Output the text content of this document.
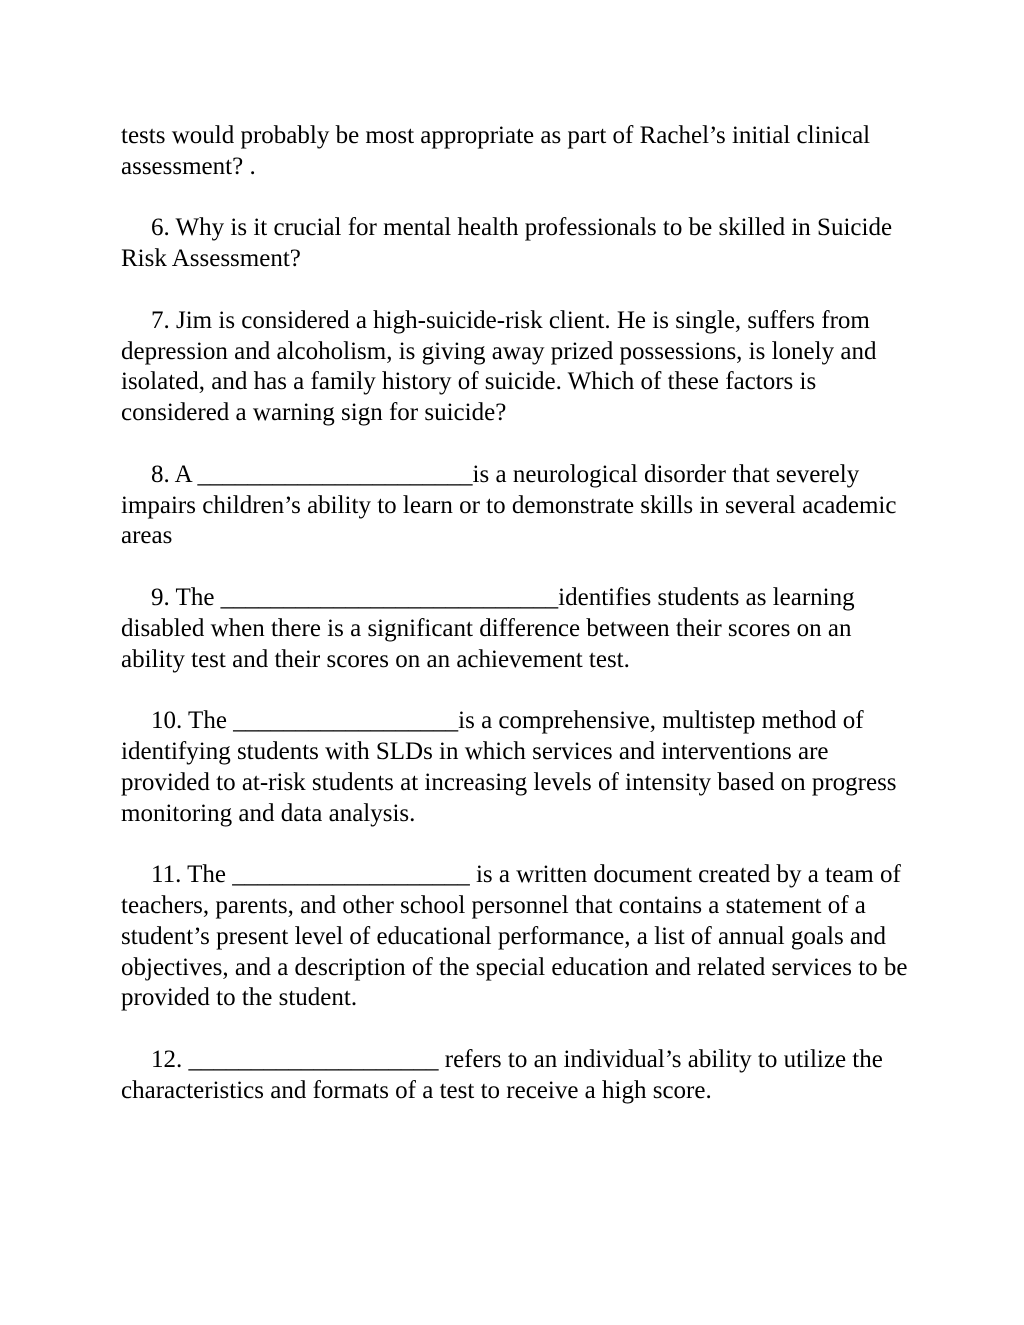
tests would probably be most appropriate as part of Rachel’s initial clinical assessment? .

6. Why is it crucial for mental health professionals to be skilled in Suicide Risk Assessment?

7. Jim is considered a high-suicide-risk client. He is single, suffers from depression and alcoholism, is giving away prized possessions, is lonely and isolated, and has a family history of suicide. Which of these factors is considered a warning sign for suicide?

8. A ______________________is a neurological disorder that severely impairs children’s ability to learn or to demonstrate skills in several academic areas

9. The ___________________________identifies students as learning disabled when there is a significant difference between their scores on an ability test and their scores on an achievement test.

10. The __________________is a comprehensive, multistep method of identifying students with SLDs in which services and interventions are provided to at-risk students at increasing levels of intensity based on progress monitoring and data analysis.

11. The ___________________ is a written document created by a team of teachers, parents, and other school personnel that contains a statement of a student’s present level of educational performance, a list of annual goals and objectives, and a description of the special education and related services to be provided to the student.

12. ____________________ refers to an individual’s ability to utilize the characteristics and formats of a test to receive a high score.
